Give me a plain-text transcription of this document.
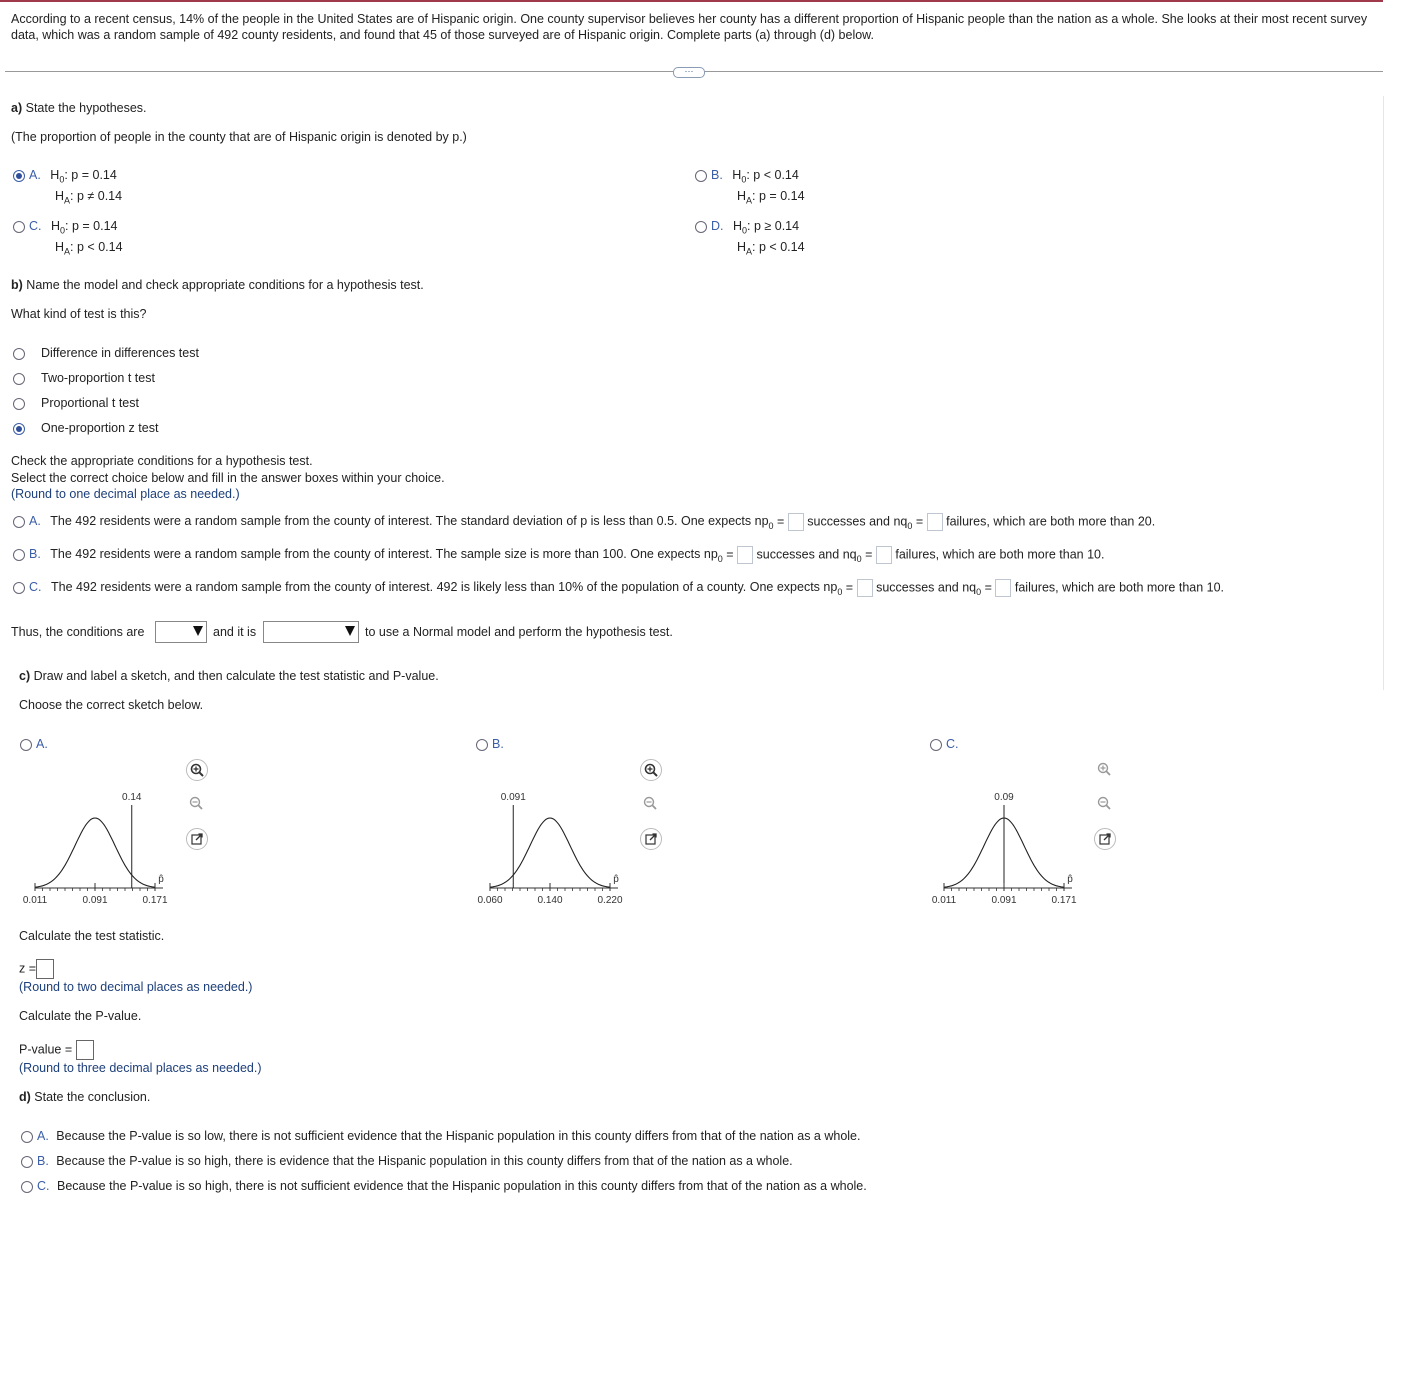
According to a recent census, 14% of the people in the United States are of Hispanic origin. One county supervisor believes her county has a different proportion of Hispanic people than the nation as a whole. She looks at their most recent survey data, which was a random sample of 492 county residents, and found that 45 of those surveyed are of Hispanic origin. Complete parts (a) through (d) below.
···
a) State the hypotheses.
(The proportion of people in the county that are of Hispanic origin is denoted by p.)
A. $H_0$: p = 0.14
$H_A$: p ≠ 0.14
B. $H_0$: p < 0.14
$H_A$: p = 0.14
C. $H_0$: p = 0.14
$H_A$: p < 0.14
D. $H_0$: p ≥ 0.14
$H_A$: p < 0.14
b) Name the model and check appropriate conditions for a hypothesis test.
What kind of test is this?
Difference in differences test
Two-proportion t test
Proportional t test
One-proportion z test
Check the appropriate conditions for a hypothesis test.
Select the correct choice below and fill in the answer boxes within your choice.
(Round to one decimal place as needed.)
A. The 492 residents were a random sample from the county of interest. The standard deviation of p is less than 0.5. One expects $np_0$ =  successes and $nq_0$ =  failures, which are both more than 20.
B. The 492 residents were a random sample from the county of interest. The sample size is more than 100. One expects $np_0$ =  successes and $nq_0$ =  failures, which are both more than 10.
C. The 492 residents were a random sample from the county of interest. 492 is likely less than 10% of the population of a county. One expects $np_0$ =  successes and $nq_0$ =  failures, which are both more than 10.
Thus, the conditions are	and it is	to use a Normal model and perform the hypothesis test.
c) Draw and label a sketch, and then calculate the test statistic and P-value.
Choose the correct sketch below.
A.	B.	C.
0.14
0.011	0.091	0.171
p̂
0.091
0.060	0.140	0.220
p̂
0.09
0.011	0.091	0.171
p̂
Calculate the test statistic.
z =
(Round to two decimal places as needed.)
Calculate the P-value.
P-value =
(Round to three decimal places as needed.)
d) State the conclusion.
A. Because the P-value is so low, there is not sufficient evidence that the Hispanic population in this county differs from that of the nation as a whole.
B. Because the P-value is so high, there is evidence that the Hispanic population in this county differs from that of the nation as a whole.
C. Because the P-value is so high, there is not sufficient evidence that the Hispanic population in this county differs from that of the nation as a whole.
